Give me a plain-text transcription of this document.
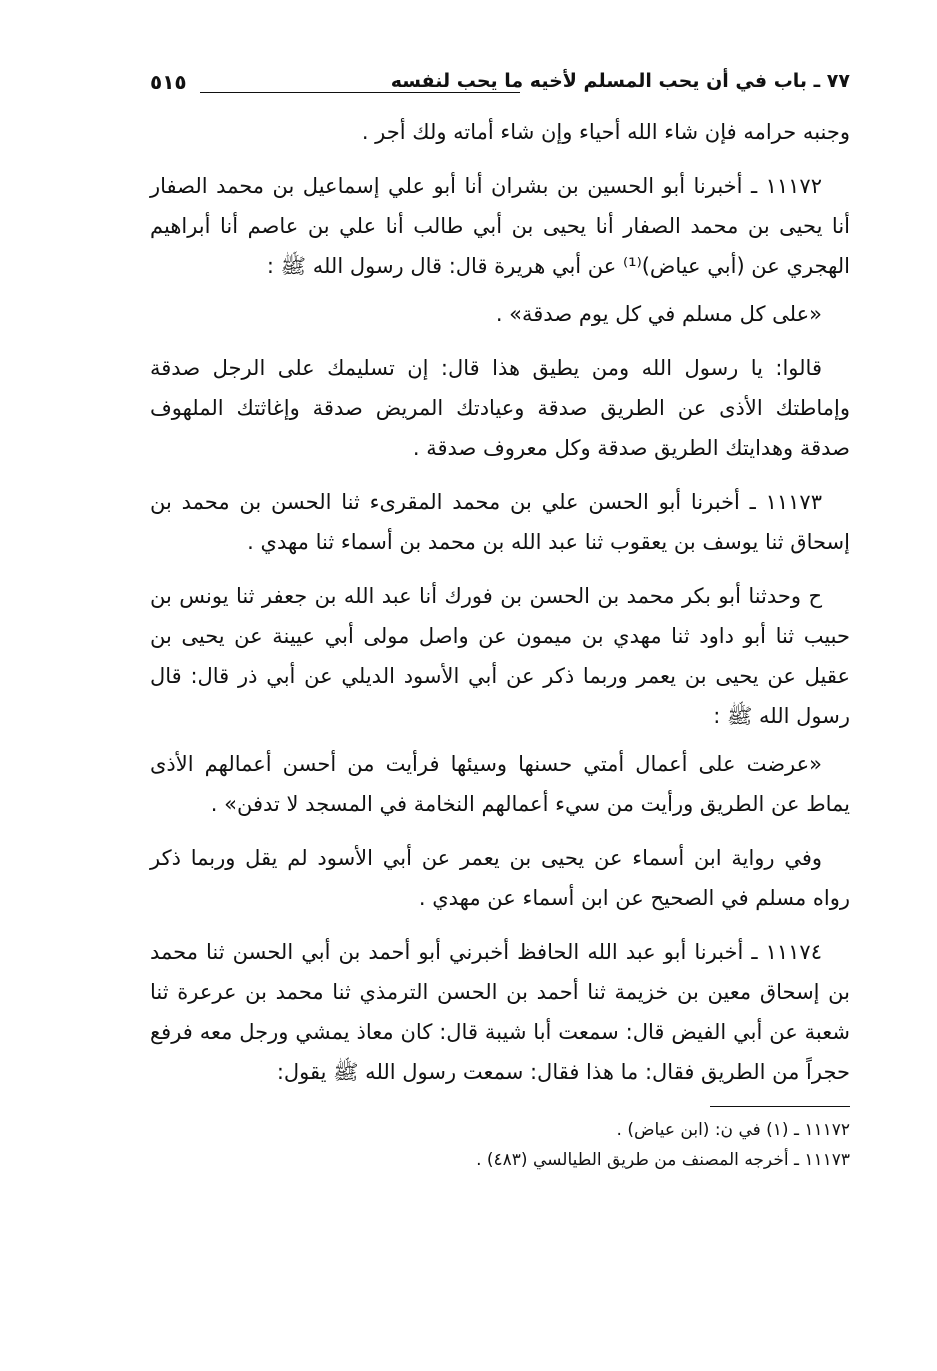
٧٧ ـ باب في أن يحب المسلم لأخيه ما يحب لنفسه
٥١٥

وجنبه حرامه فإن شاء الله أحياء وإن شاء أماته ولك أجر .

١١١٧٢ ـ أخبرنا أبو الحسين بن بشران أنا أبو علي إسماعيل بن محمد الصفار أنا يحيى بن محمد الصفار أنا يحيى بن أبي طالب أنا علي بن عاصم أنا أبراهيم الهجري عن (أبي عياض)⁽¹⁾ عن أبي هريرة قال: قال رسول الله ﷺ :

«على كل مسلم في كل يوم صدقة» .

قالوا: يا رسول الله ومن يطيق هذا قال: إن تسليمك على الرجل صدقة وإماطتك الأذى عن الطريق صدقة وعيادتك المريض صدقة وإغاثتك الملهوف صدقة وهدايتك الطريق صدقة وكل معروف صدقة .

١١١٧٣ ـ أخبرنا أبو الحسن علي بن محمد المقرىء ثنا الحسن بن محمد بن إسحاق ثنا يوسف بن يعقوب ثنا عبد الله بن محمد بن أسماء ثنا مهدي .

ح وحدثنا أبو بكر محمد بن الحسن بن فورك أنا عبد الله بن جعفر ثنا يونس بن حبيب ثنا أبو داود ثنا مهدي بن ميمون عن واصل مولى أبي عيينة عن يحيى بن عقيل عن يحيى بن يعمر وربما ذكر عن أبي الأسود الديلي عن أبي ذر قال: قال رسول الله ﷺ :

«عرضت على أعمال أمتي حسنها وسيئها فرأيت من أحسن أعمالهم الأذى يماط عن الطريق ورأيت من سيء أعمالهم النخامة في المسجد لا تدفن» .

وفي رواية ابن أسماء عن يحيى بن يعمر عن أبي الأسود لم يقل وربما ذكر رواه مسلم في الصحيح عن ابن أسماء عن مهدي .

١١١٧٤ ـ أخبرنا أبو عبد الله الحافظ أخبرني أبو أحمد بن أبي الحسن ثنا محمد بن إسحاق معين بن خزيمة ثنا أحمد بن الحسن الترمذي ثنا محمد بن عرعرة ثنا شعبة عن أبي الفيض قال: سمعت أبا شيبة قال: كان معاذ يمشي ورجل معه فرفع حجراً من الطريق فقال: ما هذا فقال: سمعت رسول الله ﷺ يقول:

١١١٧٢ ـ (١) في ن: (ابن عياض) .

١١١٧٣ ـ أخرجه المصنف من طريق الطيالسي (٤٨٣) .
